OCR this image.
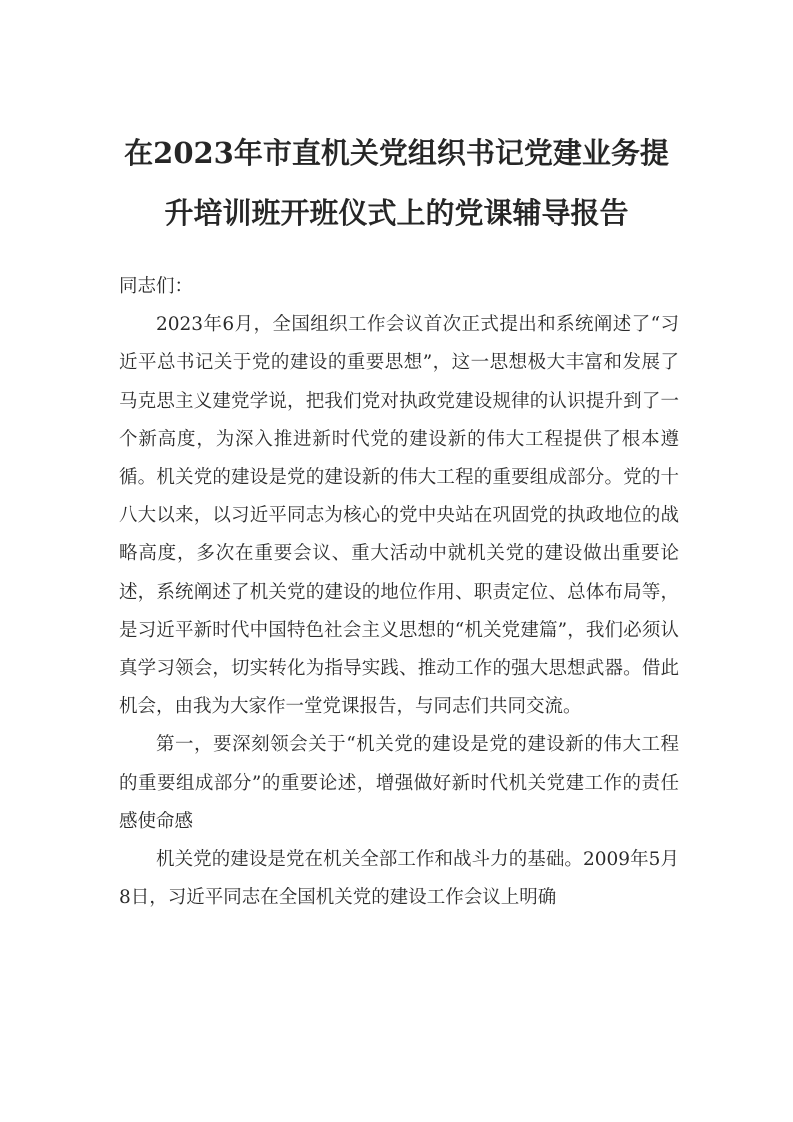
在2023年市直机关党组织书记党建业务提
升培训班开班仪式上的党课辅导报告

同志们：

2023年6月，全国组织工作会议首次正式提出和系统阐述了“习近平总书记关于党的建设的重要思想”，这一思想极大丰富和发展了马克思主义建党学说，把我们党对执政党建设规律的认识提升到了一个新高度，为深入推进新时代党的建设新的伟大工程提供了根本遵循。机关党的建设是党的建设新的伟大工程的重要组成部分。党的十八大以来，以习近平同志为核心的党中央站在巩固党的执政地位的战略高度，多次在重要会议、重大活动中就机关党的建设做出重要论述，系统阐述了机关党的建设的地位作用、职责定位、总体布局等，是习近平新时代中国特色社会主义思想的“机关党建篇”，我们必须认真学习领会，切实转化为指导实践、推动工作的强大思想武器。借此机会，由我为大家作一堂党课报告，与同志们共同交流。

第一，要深刻领会关于“机关党的建设是党的建设新的伟大工程的重要组成部分”的重要论述，增强做好新时代机关党建工作的责任感使命感

机关党的建设是党在机关全部工作和战斗力的基础。2009年5月8日，习近平同志在全国机关党的建设工作会议上明确
